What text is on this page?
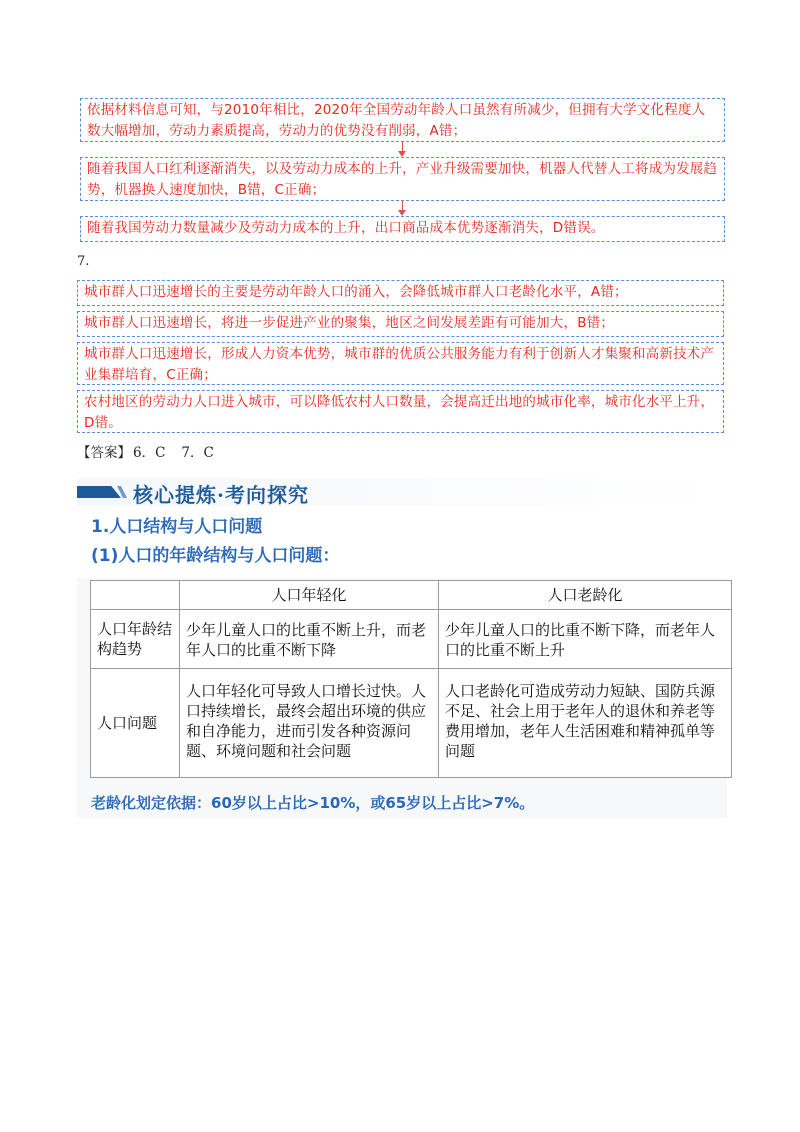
依据材料信息可知，与2010年相比，2020年全国劳动年龄人口虽然有所减少，但拥有大学文化程度人数大幅增加，劳动力素质提高，劳动力的优势没有削弱，A错；
随着我国人口红利逐渐消失，以及劳动力成本的上升，产业升级需要加快，机器人代替人工将成为发展趋势，机器换人速度加快，B错，C正确；
随着我国劳动力数量减少及劳动力成本的上升，出口商品成本优势逐渐消失，D错误。
7.
城市群人口迅速增长的主要是劳动年龄人口的涌入，会降低城市群人口老龄化水平，A错；
城市群人口迅速增长，将进一步促进产业的聚集，地区之间发展差距有可能加大，B错；
城市群人口迅速增长，形成人力资本优势，城市群的优质公共服务能力有利于创新人才集聚和高新技术产业集群培育，C正确；
农村地区的劳动力人口进入城市，可以降低农村人口数量，会提高迁出地的城市化率，城市化水平上升，D错。
【答案】 6．C 7．C
核心提炼·考向探究
1.人口结构与人口问题
(1)人口的年龄结构与人口问题：
	人口年轻化	人口老龄化
人口年龄结构趋势	少年儿童人口的比重不断上升，而老年人口的比重不断下降	少年儿童人口的比重不断下降，而老年人口的比重不断上升
人口问题	人口年轻化可导致人口增长过快。人口持续增长，最终会超出环境的供应和自净能力，进而引发各种资源问题、环境问题和社会问题	人口老龄化可造成劳动力短缺、国防兵源不足、社会上用于老年人的退休和养老等费用增加，老年人生活困难和精神孤单等问题
老龄化划定依据：60岁以上占比>10%，或65岁以上占比>7%。
